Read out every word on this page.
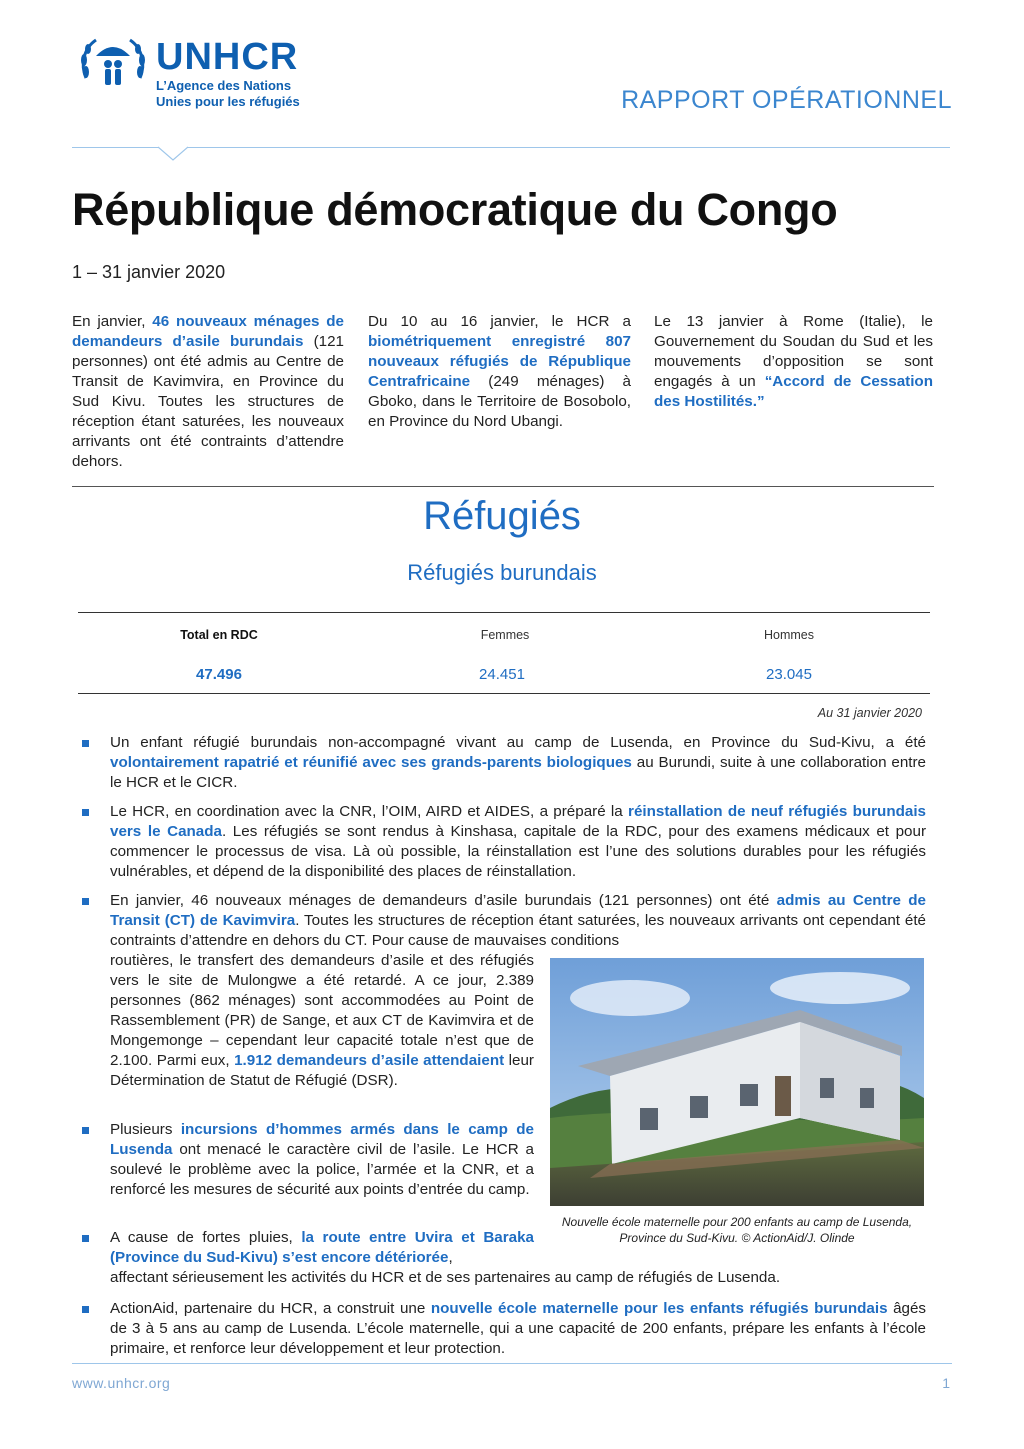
UNHCR
L’Agence des Nations
Unies pour les réfugiés	RAPPORT OPÉRATIONNEL
République démocratique du Congo
1 – 31 janvier 2020
En janvier, 46 nouveaux ménages de demandeurs d’asile burundais (121 personnes) ont été admis au Centre de Transit de Kavimvira, en Province du Sud Kivu. Toutes les structures de réception étant saturées, les nouveaux arrivants ont été contraints d’attendre dehors.
Du 10 au 16 janvier, le HCR a biométriquement enregistré 807 nouveaux réfugiés de République Centrafricaine (249 ménages) à Gboko, dans le Territoire de Bosobolo, en Province du Nord Ubangi.
Le 13 janvier à Rome (Italie), le Gouvernement du Soudan du Sud et les mouvements d’opposition se sont engagés à un “Accord de Cessation des Hostilités.”
Réfugiés
Réfugiés burundais
Total en RDC	Femmes	Hommes
47.496	24.451	23.045
Au 31 janvier 2020
Un enfant réfugié burundais non-accompagné vivant au camp de Lusenda, en Province du Sud-Kivu, a été volontairement rapatrié et réunifié avec ses grands-parents biologiques au Burundi, suite à une collaboration entre le HCR et le CICR.
Le HCR, en coordination avec la CNR, l’OIM, AIRD et AIDES, a préparé la réinstallation de neuf réfugiés burundais vers le Canada. Les réfugiés se sont rendus à Kinshasa, capitale de la RDC, pour des examens médicaux et pour commencer le processus de visa. Là où possible, la réinstallation est l’une des solutions durables pour les réfugiés vulnérables, et dépend de la disponibilité des places de réinstallation.
En janvier, 46 nouveaux ménages de demandeurs d’asile burundais (121 personnes) ont été admis au Centre de Transit (CT) de Kavimvira. Toutes les structures de réception étant saturées, les nouveaux arrivants ont cependant été contraints d’attendre en dehors du CT. Pour cause de mauvaises conditions
routières, le transfert des demandeurs d’asile et des réfugiés vers le site de Mulongwe a été retardé. A ce jour, 2.389 personnes (862 ménages) sont accommodées au Point de Rassemblement (PR) de Sange, et aux CT de Kavimvira et de Mongemonge – cependant leur capacité totale n’est que de 2.100. Parmi eux, 1.912 demandeurs d’asile attendaient leur Détermination de Statut de Réfugié (DSR).
Plusieurs incursions d’hommes armés dans le camp de Lusenda ont menacé le caractère civil de l’asile. Le HCR a soulevé le problème avec la police, l’armée et la CNR, et a renforcé les mesures de sécurité aux points d’entrée du camp.
A cause de fortes pluies, la route entre Uvira et Baraka (Province du Sud-Kivu) s’est encore détériorée,
affectant sérieusement les activités du HCR et de ses partenaires au camp de réfugiés de Lusenda.
ActionAid, partenaire du HCR, a construit une nouvelle école maternelle pour les enfants réfugiés burundais âgés de 3 à 5 ans au camp de Lusenda. L’école maternelle, qui a une capacité de 200 enfants, prépare les enfants à l’école primaire, et renforce leur développement et leur protection.
Nouvelle école maternelle pour 200 enfants au camp de Lusenda, Province du Sud-Kivu. © ActionAid/J. Olinde
www.unhcr.org	1
